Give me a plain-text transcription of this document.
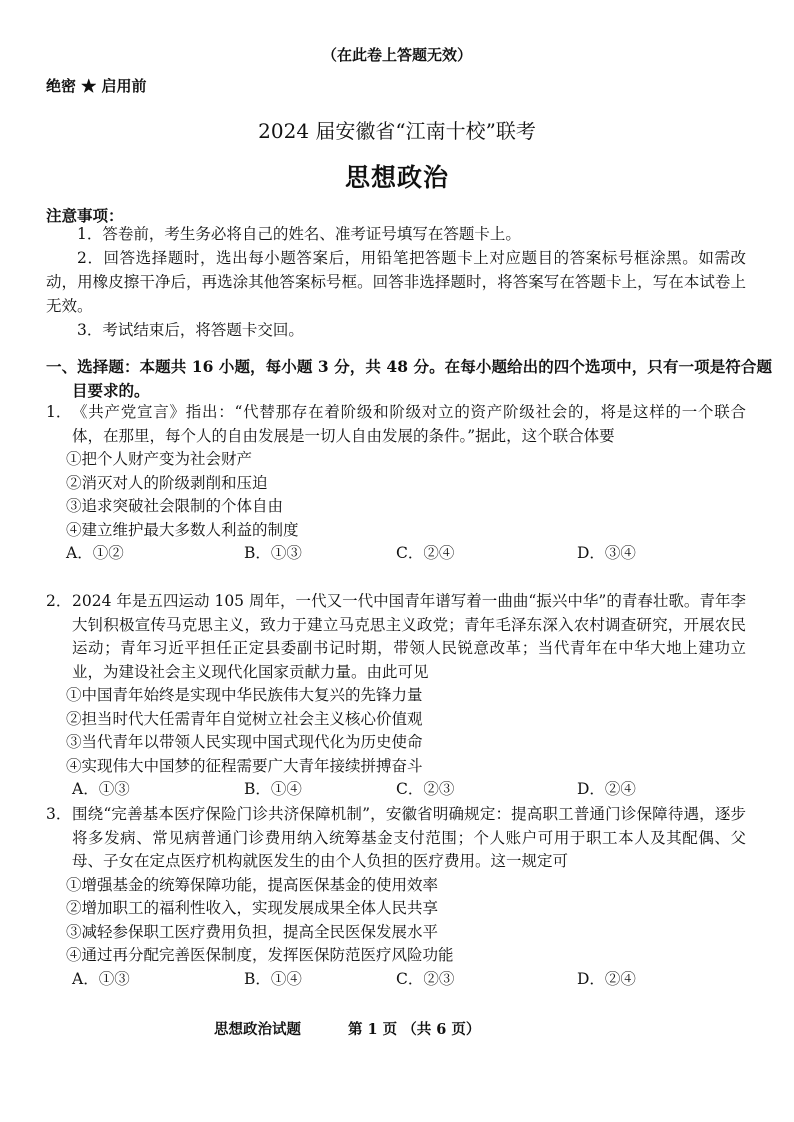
（在此卷上答题无效）
绝密 ★ 启用前
2024 届安徽省“江南十校”联考
思想政治
注意事项：
1．答卷前，考生务必将自己的姓名、准考证号填写在答题卡上。
2．回答选择题时，选出每小题答案后，用铅笔把答题卡上对应题目的答案标号框涂黑。如需改动，用橡皮擦干净后，再选涂其他答案标号框。回答非选择题时，将答案写在答题卡上，写在本试卷上无效。
3．考试结束后，将答题卡交回。
一、选择题：本题共 16 小题，每小题 3 分，共 48 分。在每小题给出的四个选项中，只有一项是符合题目要求的。
1． 《共产党宣言》指出：“代替那存在着阶级和阶级对立的资产阶级社会的，将是这样的一个联合体，在那里，每个人的自由发展是一切人自由发展的条件。”据此，这个联合体要
①把个人财产变为社会财产
②消灭对人的阶级剥削和压迫
③追求突破社会限制的个体自由
④建立维护最大多数人利益的制度
A．①②	B．①③	C．②④	D．③④
2． 2024 年是五四运动 105 周年，一代又一代中国青年谱写着一曲曲“振兴中华”的青春壮歌。青年李大钊积极宣传马克思主义，致力于建立马克思主义政党；青年毛泽东深入农村调查研究，开展农民运动；青年习近平担任正定县委副书记时期，带领人民锐意改革；当代青年在中华大地上建功立业，为建设社会主义现代化国家贡献力量。由此可见
①中国青年始终是实现中华民族伟大复兴的先锋力量
②担当时代大任需青年自觉树立社会主义核心价值观
③当代青年以带领人民实现中国式现代化为历史使命
④实现伟大中国梦的征程需要广大青年接续拼搏奋斗
A．①③	B．①④	C．②③	D．②④
3． 围绕“完善基本医疗保险门诊共济保障机制”，安徽省明确规定：提高职工普通门诊保障待遇，逐步将多发病、常见病普通门诊费用纳入统筹基金支付范围；个人账户可用于职工本人及其配偶、父母、子女在定点医疗机构就医发生的由个人负担的医疗费用。这一规定可
①增强基金的统筹保障功能，提高医保基金的使用效率
②增加职工的福利性收入，实现发展成果全体人民共享
③减轻参保职工医疗费用负担，提高全民医保发展水平
④通过再分配完善医保制度，发挥医保防范医疗风险功能
A．①③	B．①④	C．②③	D．②④
思想政治试题	第 1 页 （共 6 页）
